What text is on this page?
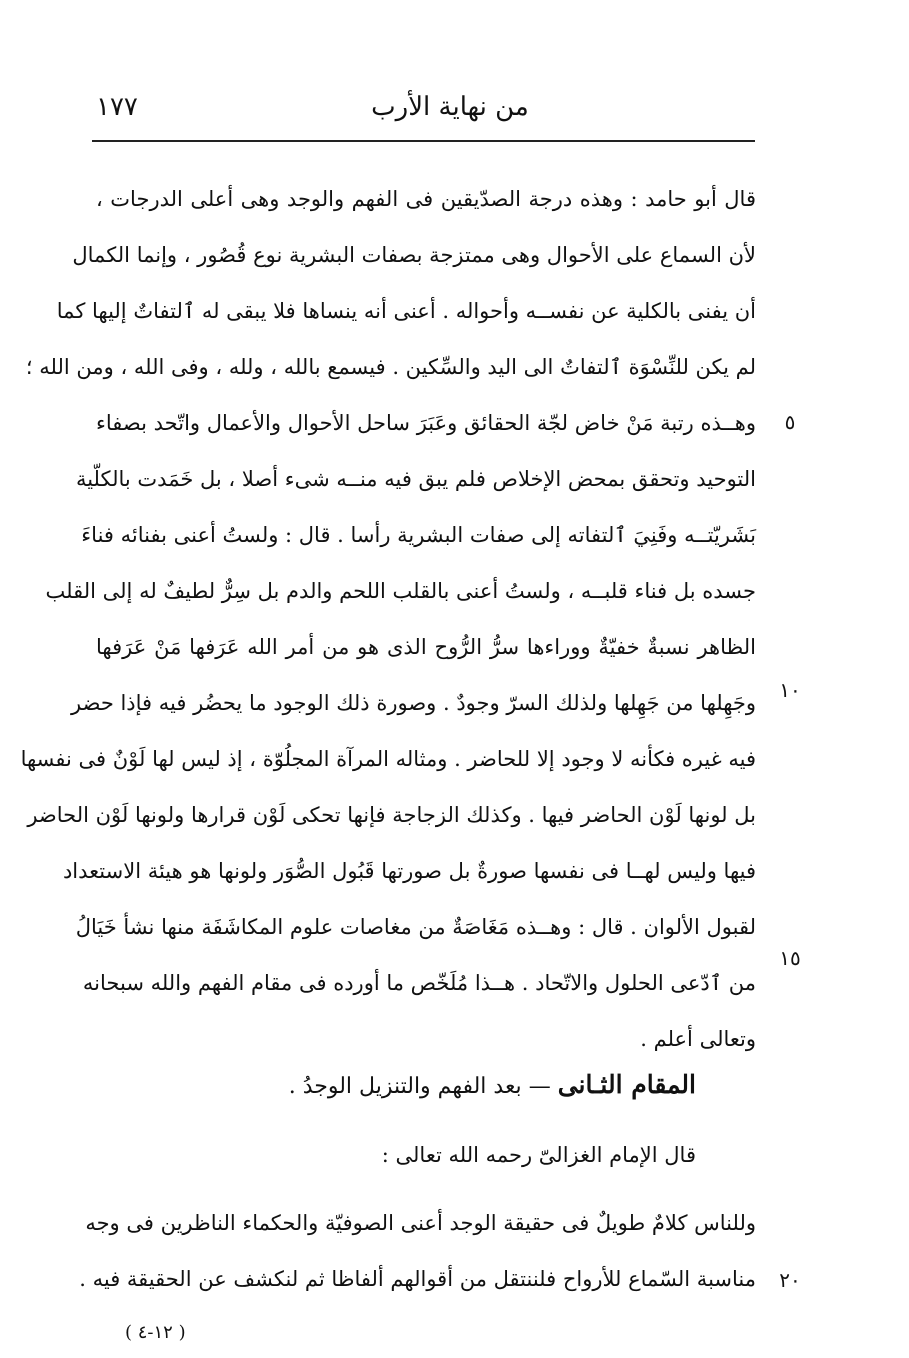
١٧٧	من نهاية الأرب
قال أبو حامد : وهذه درجة الصدّيقين فى الفهم والوجد وهى أعلى الدرجات ،
لأن السماع على الأحوال وهى ممتزجة بصفات البشرية نوع قُصُور ، وإنما الكمال
أن يفنى بالكلية عن نفســه وأحواله . أعنى أنه ينساها فلا يبقى له ٱلتفاتٌ إليها كما
لم يكن للنِّسْوَة ٱلتفاتٌ الى اليد والسِّكين . فيسمع بالله ، ولله ، وفى الله ، ومن الله ؛
وهــذه رتبة مَنْ خاض لجّة الحقائق وعَبَرَ ساحل الأحوال والأعمال واتّحد بصفاء
التوحيد وتحقق بمحض الإخلاص فلم يبق فيه منــه شىء أصلا ، بل خَمَدت بالكلّية
بَشَريّتــه وفَنِيَ ٱلتفاته إلى صفات البشرية رأسا . قال : ولستُ أعنى بفنائه فناءَ
جسده بل فناء قلبــه ، ولستُ أعنى بالقلب اللحم والدم بل سِرٌّ لطيفٌ له إلى القلب
الظاهر نسبةٌ خفيّةٌ ووراءها سرُّ الرُّوح الذى هو من أمر الله عَرَفها مَنْ عَرَفها
وجَهِلها من جَهِلها ولذلك السرّ وجودٌ . وصورة ذلك الوجود ما يحضُر فيه فإذا حضر
فيه غيره فكأنه لا وجود إلا للحاضر . ومثاله المرآة المجلُوّة ، إذ ليس لها لَوْنٌ فى نفسها
بل لونها لَوْن الحاضر فيها . وكذلك الزجاجة فإنها تحكى لَوْن قرارها ولونها لَوْن الحاضر
فيها وليس لهــا فى نفسها صورةٌ بل صورتها قَبُول الصُّوَر ولونها هو هيئة الاستعداد
لقبول الألوان . قال : وهــذه مَغَاصَةٌ من مغاصات علوم المكاشَفَة منها نشأ خَيَالُ
من ٱدّعى الحلول والاتّحاد . هــذا مُلَخّص ما أورده فى مقام الفهم والله سبحانه
وتعالى أعلم .
٥
١٠
١٥
٢٠
المقام الثـانى — بعد الفهم والتنزيل الوجدُ .
قال الإمام الغزالىّ رحمه الله تعالى :
وللناس كلامٌ طويلٌ فى حقيقة الوجد أعنى الصوفيّة والحكماء الناظرين فى وجه
مناسبة السّماع للأرواح فلننتقل من أقوالهم ألفاظا ثم لنكشف عن الحقيقة فيه .
( ١٢-٤ )
